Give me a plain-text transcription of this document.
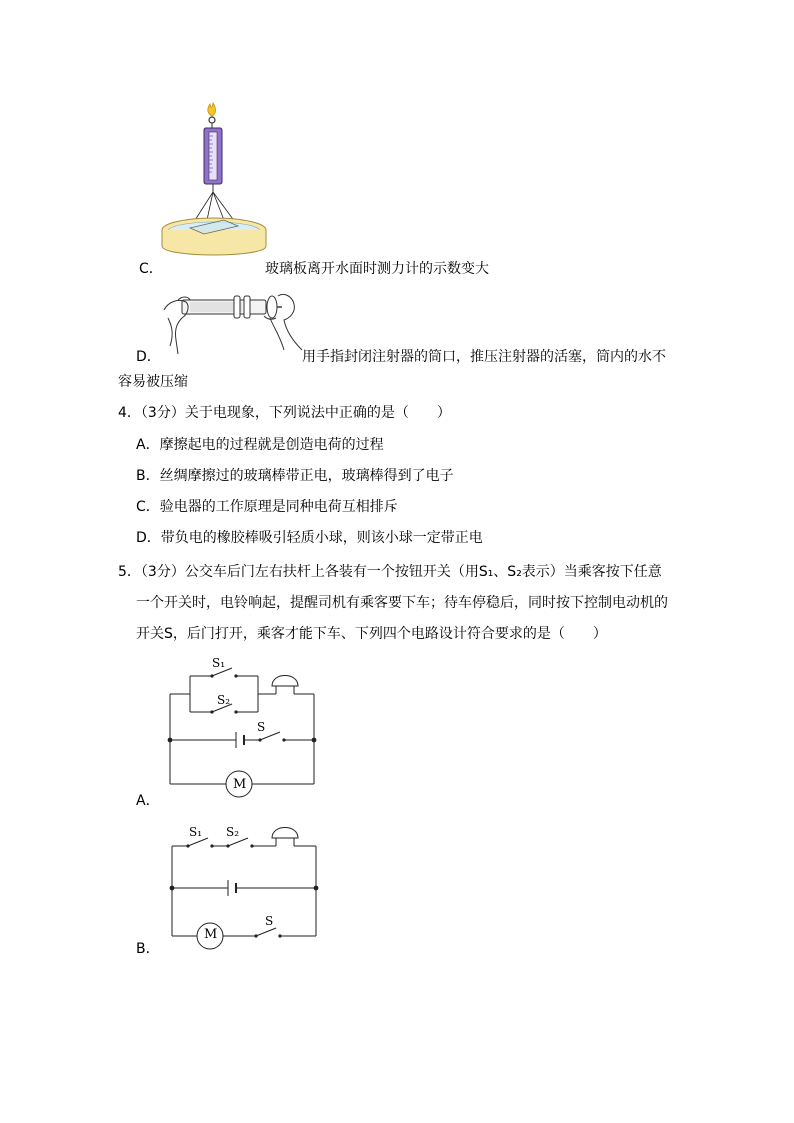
C．	玻璃板离开水面时测力计的示数变大
D．	用手指封闭注射器的筒口，推压注射器的活塞，筒内的水不
容易被压缩
4．（3分）关于电现象，下列说法中正确的是（　　）
A．摩擦起电的过程就是创造电荷的过程
B．丝绸摩擦过的玻璃棒带正电，玻璃棒得到了电子
C．验电器的工作原理是同种电荷互相排斥
D．带负电的橡胶棒吸引轻质小球，则该小球一定带正电
5．（3分）公交车后门左右扶杆上各装有一个按钮开关（用S₁、S₂表示）当乘客按下任意
一个开关时，电铃响起，提醒司机有乘客要下车；待车停稳后，同时按下控制电动机的
开关S，后门打开，乘客才能下车、下列四个电路设计符合要求的是（　　）
S₁
S₂
S
M
A．
S₁ S₂
S
M
B．
